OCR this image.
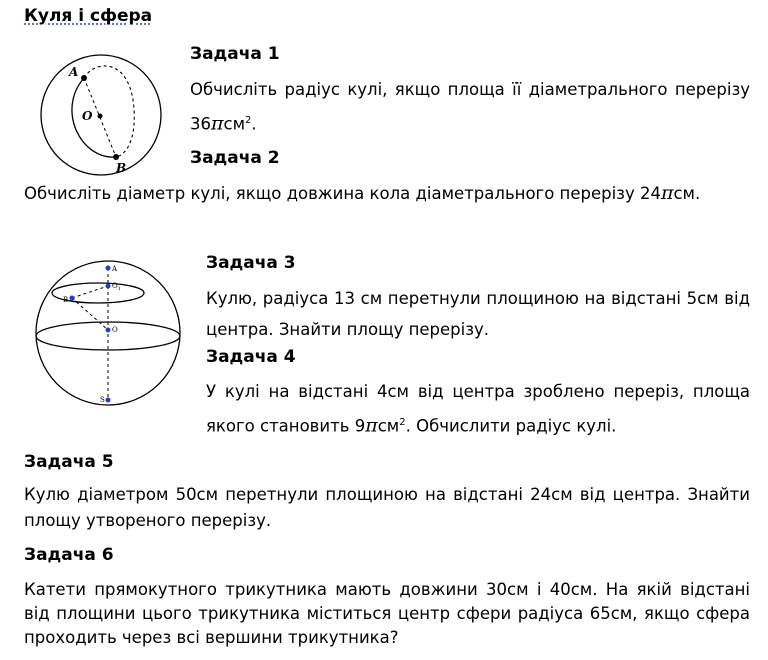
Куля і сфера
A
O
B
Задача 1
Обчисліть радіус кулі, якщо площа її діаметрального перерізу 36πсм$^2$.
Задача 2
Обчисліть діаметр кулі, якщо довжина кола діаметрального перерізу 24πсм.
A
$O_1$
B
O
S
Задача 3
Кулю, радіуса 13 см перетнули площиною на відстані 5см від центра. Знайти площу перерізу.
Задача 4
У кулі на відстані 4см від центра зроблено переріз, площа якого становить 9πсм$^2$. Обчислити радіус кулі.
Задача 5
Кулю діаметром 50см перетнули площиною на відстані 24см від центра. Знайти площу утвореного перерізу.
Задача 6
Катети прямокутного трикутника мають довжини 30см і 40см. На якій відстані від площини цього трикутника міститься центр сфери радіуса 65см, якщо сфера проходить через всі вершини трикутника?
